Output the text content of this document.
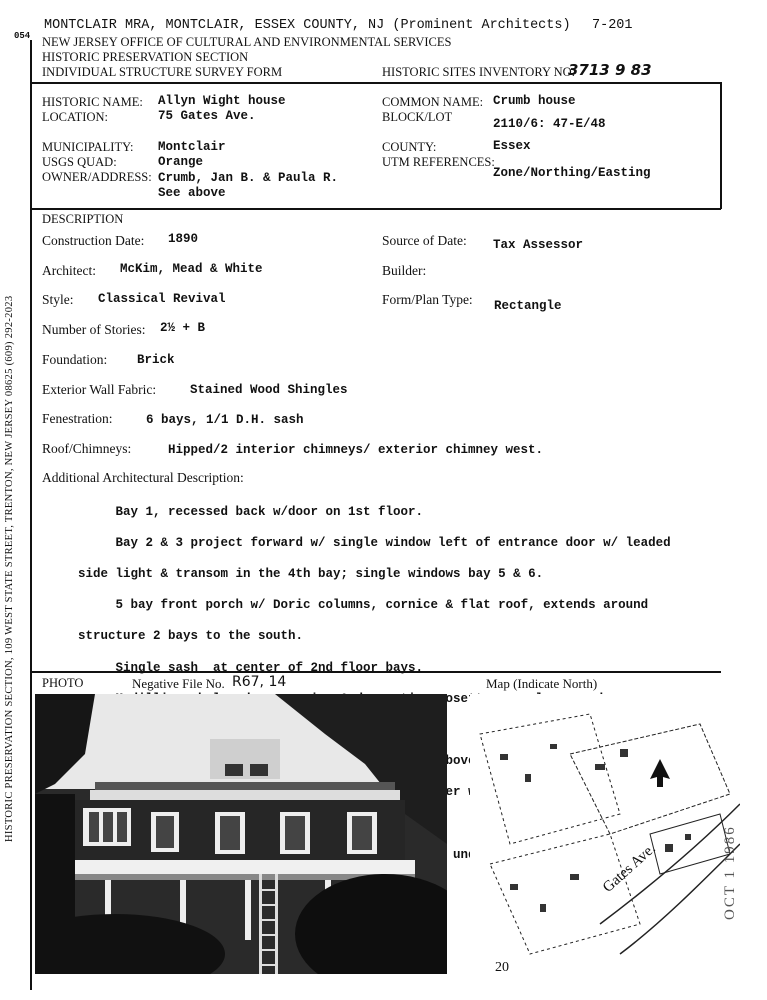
054
MONTCLAIR MRA, MONTCLAIR, ESSEX COUNTY, NJ (Prominent Architects) 7-201
NEW JERSEY OFFICE OF CULTURAL AND ENVIRONMENTAL SERVICES
HISTORIC PRESERVATION SECTION
INDIVIDUAL STRUCTURE SURVEY FORM	HISTORIC SITES INVENTORY NO.
3713 9 83
HISTORIC NAME: Allyn Wight house	COMMON NAME: Crumb house
LOCATION:	75 Gates Ave.	BLOCK/LOT	2110/6: 47-E/48
MUNICIPALITY: Montclair	COUNTY:	Essex
USGS QUAD:	Orange	UTM REFERENCES:
Zone/Northing/Easting
OWNER/ADDRESS: Crumb, Jan B. & Paula R.
See above
DESCRIPTION
Construction Date: 1890	Source of Date: Tax Assessor
Architect: McKim, Mead & White	Builder:
Style: Classical Revival	Form/Plan Type: Rectangle
Number of Stories: 2½ + B
Foundation: Brick
Exterior Wall Fabric:	Stained Wood Shingles
Fenestration:	6 bays, 1/1 D.H. sash
Roof/Chimneys:	Hipped/2 interior chimneys/ exterior chimney west.
Additional Architectural Description:

Bay 1, recessed back w/door on 1st floor.

Bay 2 & 3 project forward w/ single window left of entrance door w/ leaded

side light & transom in the 4th bay; single windows bay 5 & 6.

5 bay front porch w/ Doric columns, cornice & flat roof, extends around

structure 2 bays to the south.

Single sash  at center of 2nd floor bays.

rosettes

above

PHOTO	Negative File No. R67, 14	Map (Indicate North)
Gates Ave.
20
OCT 1 1986
HISTORIC PRESERVATION SECTION, 109 WEST STATE STREET, TRENTON, NEW JERSEY 08625 (609) 292-2023
